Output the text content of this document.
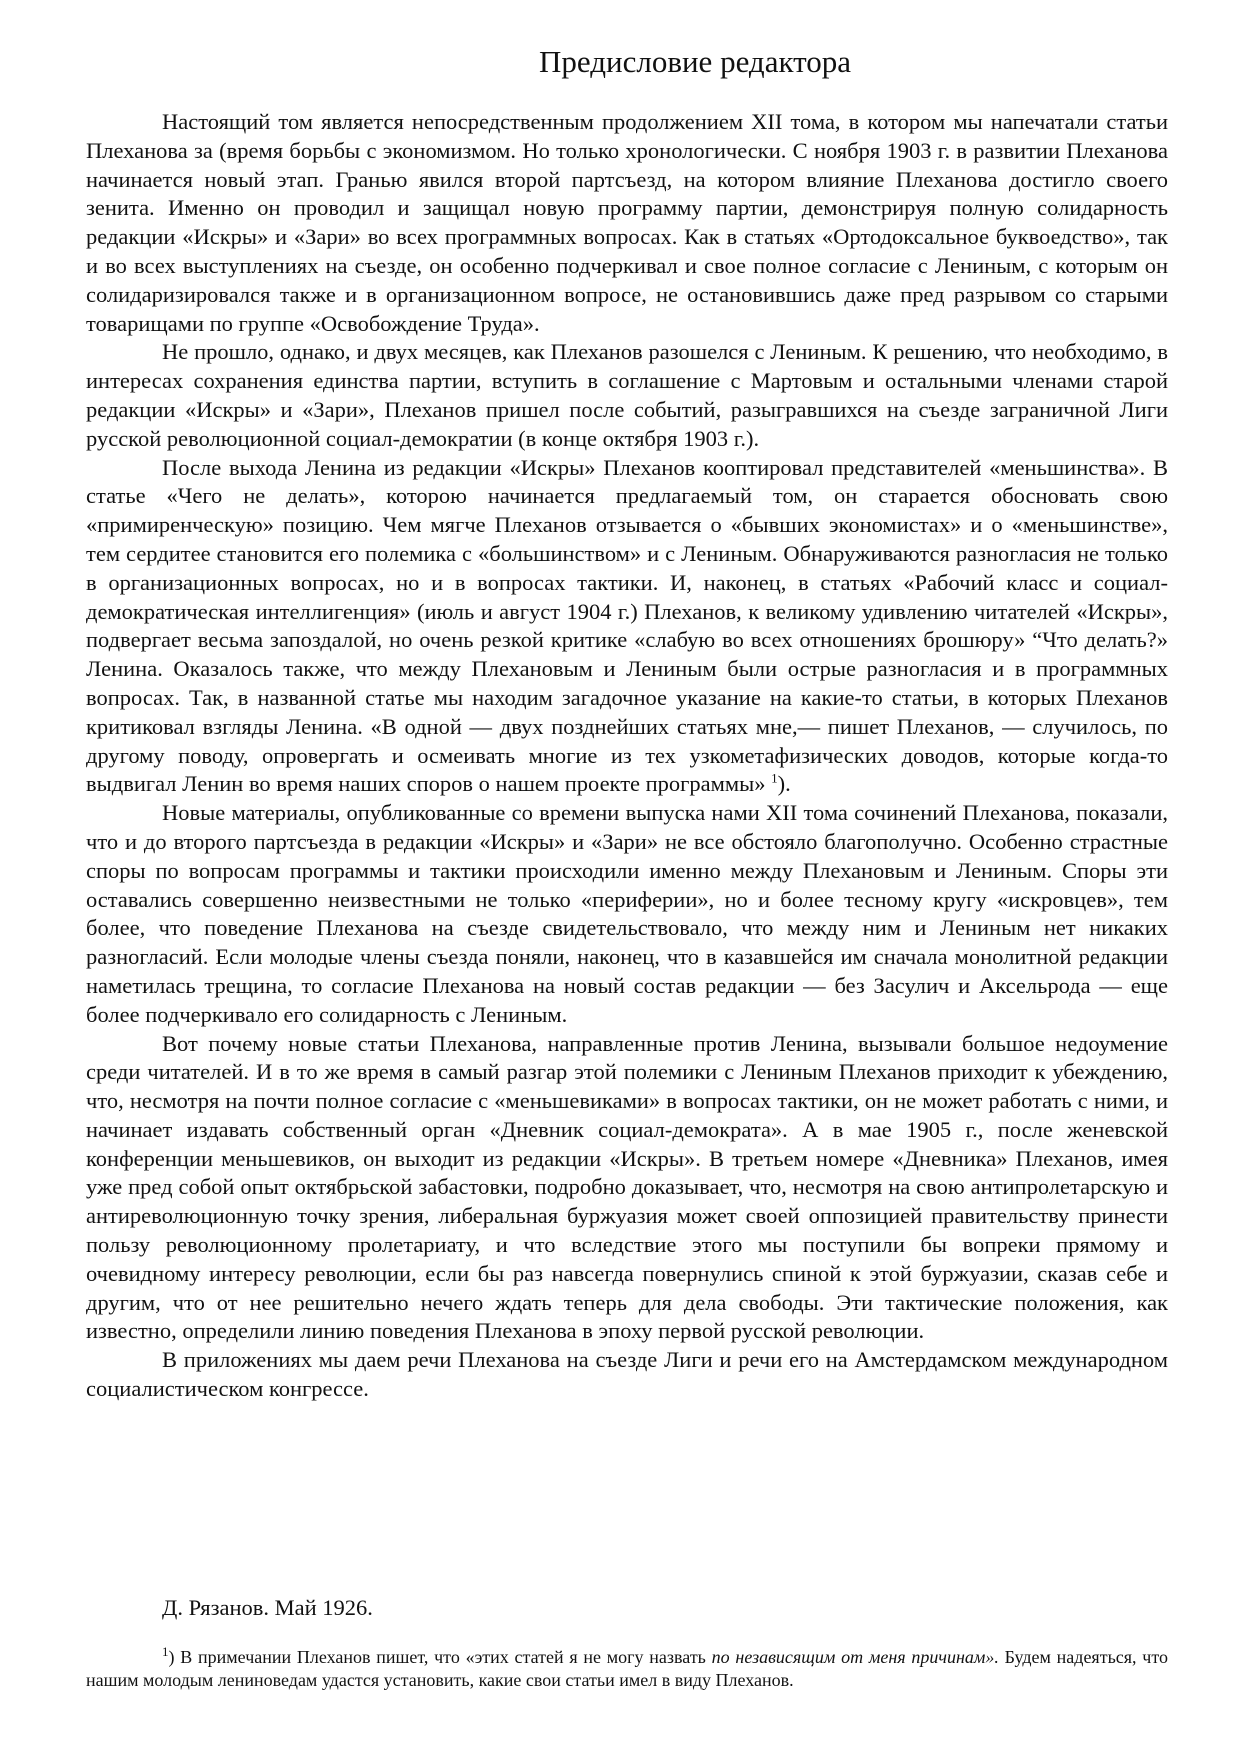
Предисловие редактора

Настоящий том является непосредственным продолжением XII тома, в котором мы напечатали статьи Плеханова за (время борьбы с экономизмом. Но только хронологически. С ноября 1903 г. в развитии Плеханова начинается новый этап. Гранью явился второй партсъезд, на котором влияние Плеханова достигло своего зенита. Именно он проводил и защищал новую программу партии, демонстрируя полную солидарность редакции «Искры» и «Зари» во всех программных вопросах. Как в статьях «Ортодоксальное буквоедство», так и во всех выступлениях на съезде, он особенно подчеркивал и свое полное согласие с Лениным, с которым он солидаризировался также и в организационном вопросе, не остановившись даже пред разрывом со старыми товарищами по группе «Освобождение Труда».

Не прошло, однако, и двух месяцев, как Плеханов разошелся с Лениным. К решению, что необходимо, в интересах сохранения единства партии, вступить в соглашение с Мартовым и остальными членами старой редакции «Искры» и «Зари», Плеханов пришел после событий, разыгравшихся на съезде заграничной Лиги русской революционной социал-демократии (в конце октября 1903 г.).

После выхода Ленина из редакции «Искры» Плеханов кооптировал представителей «меньшинства». В статье «Чего не делать», которою начинается предлагаемый том, он старается обосновать свою «примиренческую» позицию. Чем мягче Плеханов отзывается о «бывших экономистах» и о «меньшинстве», тем сердитее становится его полемика с «большинством» и с Лениным. Обнаруживаются разногласия не только в организационных вопросах, но и в вопросах тактики. И, наконец, в статьях «Рабочий класс и социал-демократическая интеллигенция» (июль и август 1904 г.) Плеханов, к великому удивлению читателей «Искры», подвергает весьма запоздалой, но очень резкой критике «слабую во всех отношениях брошюру» “Что делать?» Ленина. Оказалось также, что между Плехановым и Лениным были острые разногласия и в программных вопросах. Так, в названной статье мы находим загадочное указание на какие-то статьи, в которых Плеханов критиковал взгляды Ленина. «В одной — двух позднейших статьях мне,— пишет Плеханов, — случилось, по другому поводу, опровергать и осмеивать многие из тех узкометафизических доводов, которые когда-то выдвигал Ленин во время наших споров о нашем проекте программы» $^1$).

Новые материалы, опубликованные со времени выпуска нами XII тома сочинений Плеханова, показали, что и до второго партсъезда в редакции «Искры» и «Зари» не все обстояло благополучно. Особенно страстные споры по вопросам программы и тактики происходили именно между Плехановым и Лениным. Споры эти оставались совершенно неизвестными не только «периферии», но и более тесному кругу «искровцев», тем более, что поведение Плеханова на съезде свидетельствовало, что между ним и Лениным нет никаких разногласий. Если молодые члены съезда поняли, наконец, что в казавшейся им сначала монолитной редакции наметилась трещина, то согласие Плеханова на новый состав редакции — без Засулич и Аксельрода — еще более подчеркивало его солидарность с Лениным.

Вот почему новые статьи Плеханова, направленные против Ленина, вызывали большое недоумение среди читателей. И в то же время в самый разгар этой полемики с Лениным Плеханов приходит к убеждению, что, несмотря на почти полное согласие с «меньшевиками» в вопросах тактики, он не может работать с ними, и начинает издавать собственный орган «Дневник социал-демократа». А в мае 1905 г., после женевской конференции меньшевиков, он выходит из редакции «Искры». В третьем номере «Дневника» Плеханов, имея уже пред собой опыт октябрьской забастовки, подробно доказывает, что, несмотря на свою антипролетарскую и антиреволюционную точку зрения, либеральная буржуазия может своей оппозицией правительству принести пользу революционному пролетариату, и что вследствие этого мы поступили бы вопреки прямому и очевидному интересу революции, если бы раз навсегда повернулись спиной к этой буржуазии, сказав себе и другим, что от нее решительно нечего ждать теперь для дела свободы. Эти тактические положения, как известно, определили линию поведения Плеханова в эпоху первой русской революции.

В приложениях мы даем речи Плеханова на съезде Лиги и речи его на Амстердамском международном социалистическом конгрессе.

Д. Рязанов. Май 1926.
$^1$) В примечании Плеханов пишет, что «этих статей я не могу назвать по независящим от меня причинам». Будем надеяться, что нашим молодым лениноведам удастся установить, какие свои статьи имел в виду Плеханов.
